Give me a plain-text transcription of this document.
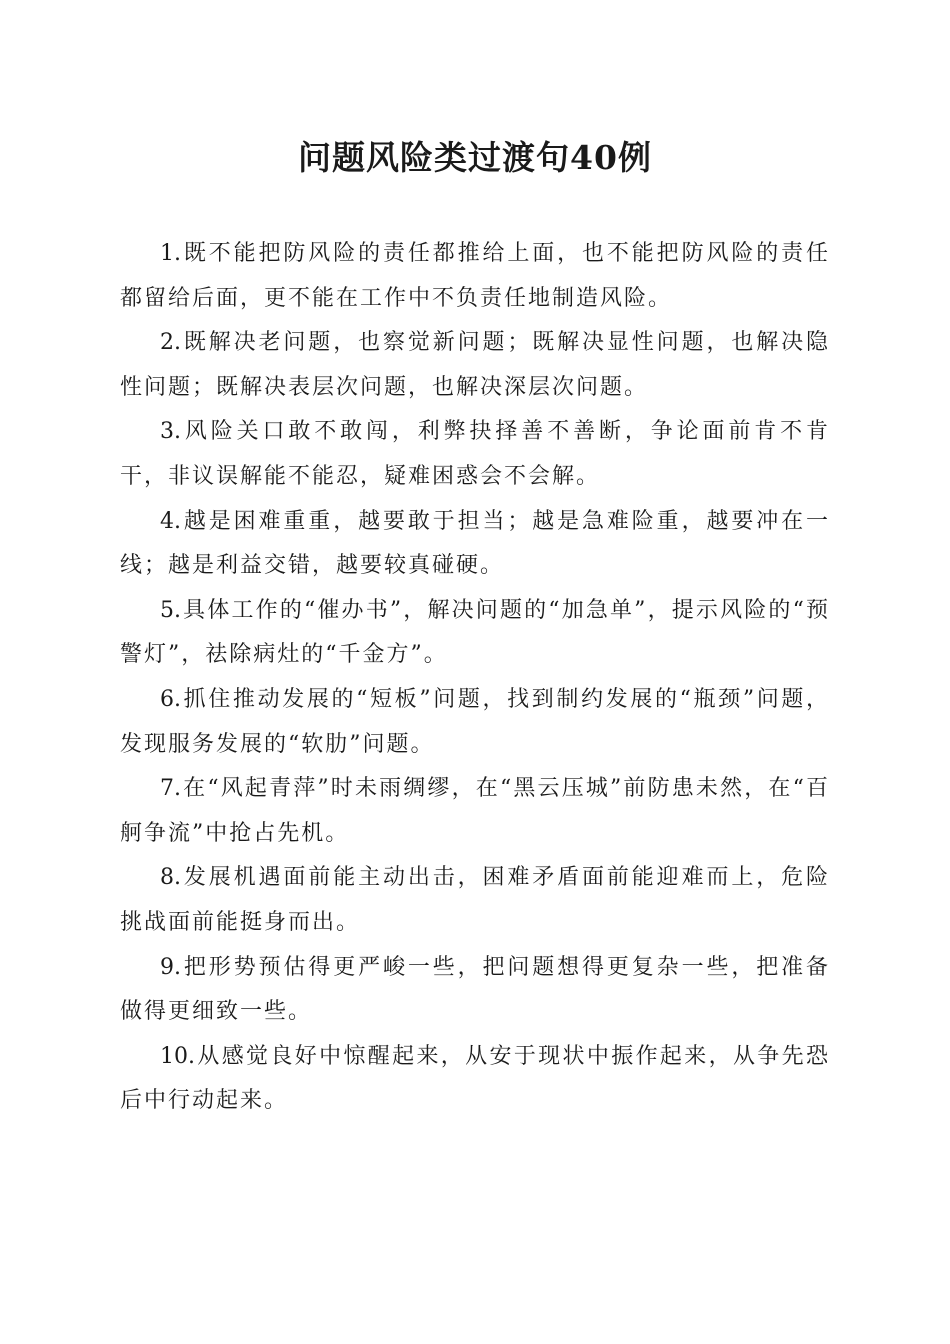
问题风险类过渡句40例

1.既不能把防风险的责任都推给上面，也不能把防风险的责任都留给后面，更不能在工作中不负责任地制造风险。

2.既解决老问题，也察觉新问题；既解决显性问题，也解决隐性问题；既解决表层次问题，也解决深层次问题。

3.风险关口敢不敢闯，利弊抉择善不善断，争论面前肯不肯干，非议误解能不能忍，疑难困惑会不会解。

4.越是困难重重，越要敢于担当；越是急难险重，越要冲在一线；越是利益交错，越要较真碰硬。

5.具体工作的“催办书”，解决问题的“加急单”，提示风险的“预警灯”，祛除病灶的“千金方”。

6.抓住推动发展的“短板”问题，找到制约发展的“瓶颈”问题，发现服务发展的“软肋”问题。

7.在“风起青萍”时未雨绸缪，在“黑云压城”前防患未然，在“百舸争流”中抢占先机。

8.发展机遇面前能主动出击，困难矛盾面前能迎难而上，危险挑战面前能挺身而出。

9.把形势预估得更严峻一些，把问题想得更复杂一些，把准备做得更细致一些。

10.从感觉良好中惊醒起来，从安于现状中振作起来，从争先恐后中行动起来。
